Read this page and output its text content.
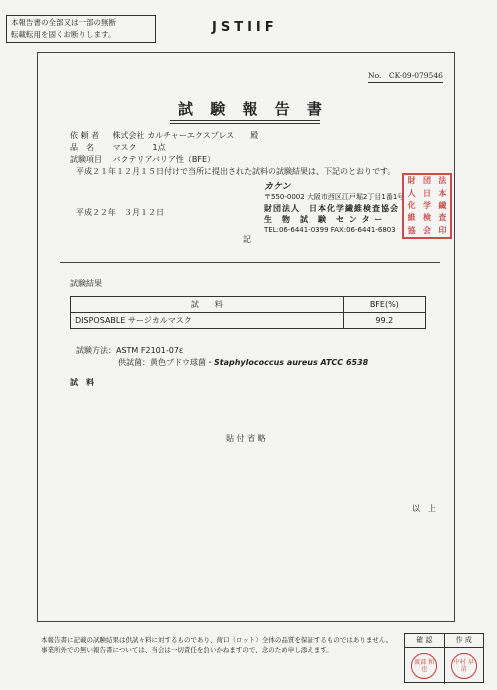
本報告書の全部又は一部の無断
転載転用を固くお断りします。	JSTIIF
No.　CK-09-079546
試 験 報 告 書
依 頼 者 株式会社 カルチャーエクスプレス　　殿
品　名 マスク　　1点
試験項目 バクテリアバリア性（BFE）
平成２１年１２月１５日付けで当所に提出された試料の試験結果は、下記のとおりです。
カケン
〒550-0002 大阪市西区江戸堀2丁目1番1号
財団法人　日本化学繊維検査協会
生　物　試　験　セ ン タ ー
TEL:06-6441-0399 FAX:06-6441-6803
財 団 法
人 日 本
化 学 繊
維 検 査
協 会 印
平成２２年　３月１２日
記
試験結果
試　　料	BFE(%)
DISPOSABLE サージカルマスク	99.2
試験方法：ASTM F2101-07ε
供試菌：黄色ブドウ球菌・Staphylococcus aureus ATCC 6538
試　料
貼 付 省 略
以　上
本報告書に記載の試験結果は供試々料に対するものであり、荷口（ロット）全体の品質を保証するものではありません。
事業所外での無い報告書については、当会は一切責任を負いかねますので、念のため申し添えます。
確 認	作 成
渡部 和也
中村 早苗
